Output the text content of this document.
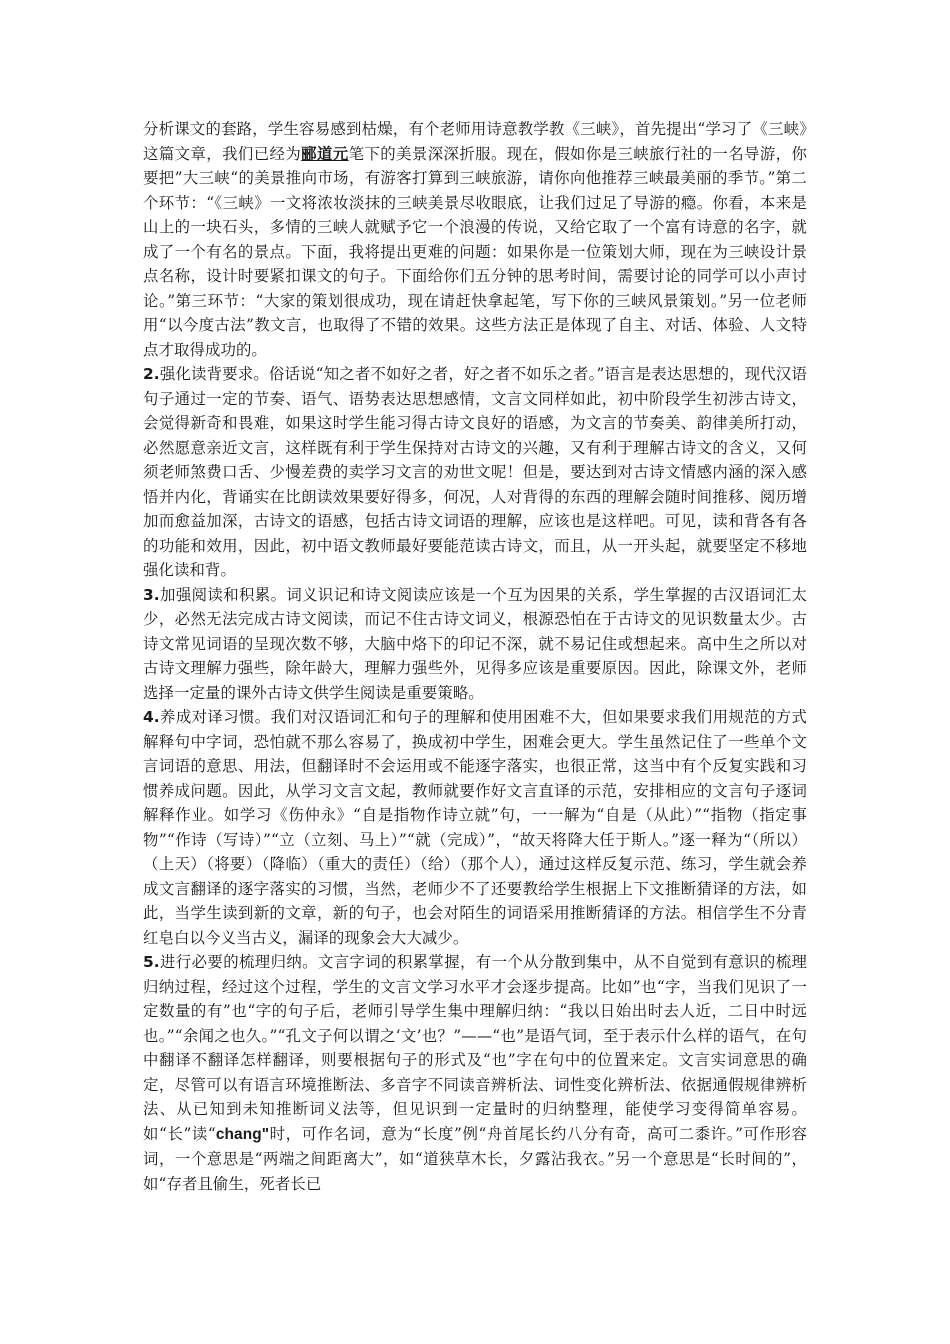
分析课文的套路，学生容易感到枯燥，有个老师用诗意教学教《三峡》，首先提出“学习了《三峡》这篇文章，我们已经为郦道元笔下的美景深深折服。现在，假如你是三峡旅行社的一名导游，你要把”大三峡“的美景推向市场，有游客打算到三峡旅游，请你向他推荐三峡最美丽的季节。”第二个环节：“《三峡》一文将浓妆淡抹的三峡美景尽收眼底，让我们过足了导游的瘾。你看，本来是山上的一块石头，多情的三峡人就赋予它一个浪漫的传说，又给它取了一个富有诗意的名字，就成了一个有名的景点。下面，我将提出更难的问题：如果你是一位策划大师，现在为三峡设计景点名称，设计时要紧扣课文的句子。下面给你们五分钟的思考时间，需要讨论的同学可以小声讨论。”第三环节：“大家的策划很成功，现在请赶快拿起笔，写下你的三峡风景策划。”另一位老师用“以今度古法”教文言，也取得了不错的效果。这些方法正是体现了自主、对话、体验、人文特点才取得成功的。

2.强化读背要求。俗话说“知之者不如好之者，好之者不如乐之者。”语言是表达思想的，现代汉语句子通过一定的节奏、语气、语势表达思想感情，文言文同样如此，初中阶段学生初涉古诗文，会觉得新奇和畏难，如果这时学生能习得古诗文良好的语感，为文言的节奏美、韵律美所打动，必然愿意亲近文言，这样既有利于学生保持对古诗文的兴趣，又有利于理解古诗文的含义，又何须老师煞费口舌、少慢差费的卖学习文言的劝世文呢！但是，要达到对古诗文情感内涵的深入感悟并内化，背诵实在比朗读效果要好得多，何况，人对背得的东西的理解会随时间推移、阅历增加而愈益加深，古诗文的语感，包括古诗文词语的理解，应该也是这样吧。可见，读和背各有各的功能和效用，因此，初中语文教师最好要能范读古诗文，而且，从一开头起，就要坚定不移地强化读和背。

3.加强阅读和积累。词义识记和诗文阅读应该是一个互为因果的关系，学生掌握的古汉语词汇太少，必然无法完成古诗文阅读，而记不住古诗文词义，根源恐怕在于古诗文的见识数量太少。古诗文常见词语的呈现次数不够，大脑中烙下的印记不深，就不易记住或想起来。高中生之所以对古诗文理解力强些，除年龄大，理解力强些外，见得多应该是重要原因。因此，除课文外，老师选择一定量的课外古诗文供学生阅读是重要策略。

4.养成对译习惯。我们对汉语词汇和句子的理解和使用困难不大，但如果要求我们用规范的方式解释句中字词，恐怕就不那么容易了，换成初中学生，困难会更大。学生虽然记住了一些单个文言词语的意思、用法，但翻译时不会运用或不能逐字落实，也很正常，这当中有个反复实践和习惯养成问题。因此，从学习文言文起，教师就要作好文言直译的示范，安排相应的文言句子逐词解释作业。如学习《伤仲永》“自是指物作诗立就”句，一一解为“自是（从此）”“指物（指定事物”“作诗（写诗）”“立（立刻、马上）”“就（完成）”，“故天将降大任于斯人。”逐一释为“（所以）（上天）（将要）（降临）（重大的责任）（给）（那个人），通过这样反复示范、练习，学生就会养成文言翻译的逐字落实的习惯，当然，老师少不了还要教给学生根据上下文推断猜译的方法，如此，当学生读到新的文章，新的句子，也会对陌生的词语采用推断猜译的方法。相信学生不分青红皂白以今义当古义，漏译的现象会大大减少。

5.进行必要的梳理归纳。文言字词的积累掌握，有一个从分散到集中，从不自觉到有意识的梳理归纳过程，经过这个过程，学生的文言文学习水平才会逐步提高。比如”也“字，当我们见识了一定数量的有”也“字的句子后，老师引导学生集中理解归纳：“我以日始出时去人近，二日中时远也。”“余闻之也久。”“孔文子何以谓之‘文’也？”——“也”是语气词，至于表示什么样的语气，在句中翻译不翻译怎样翻译，则要根据句子的形式及“也”字在句中的位置来定。文言实词意思的确定，尽管可以有语言环境推断法、多音字不同读音辨析法、词性变化辨析法、依据通假规律辨析法、从已知到未知推断词义法等，但见识到一定量时的归纳整理，能使学习变得简单容易。如“长”读“chang"时，可作名词，意为“长度”例“舟首尾长约八分有奇，高可二黍许。”可作形容词，一个意思是“两端之间距离大”，如“道狭草木长，夕露沾我衣。”另一个意思是“长时间的”，如“存者且偷生，死者长已
